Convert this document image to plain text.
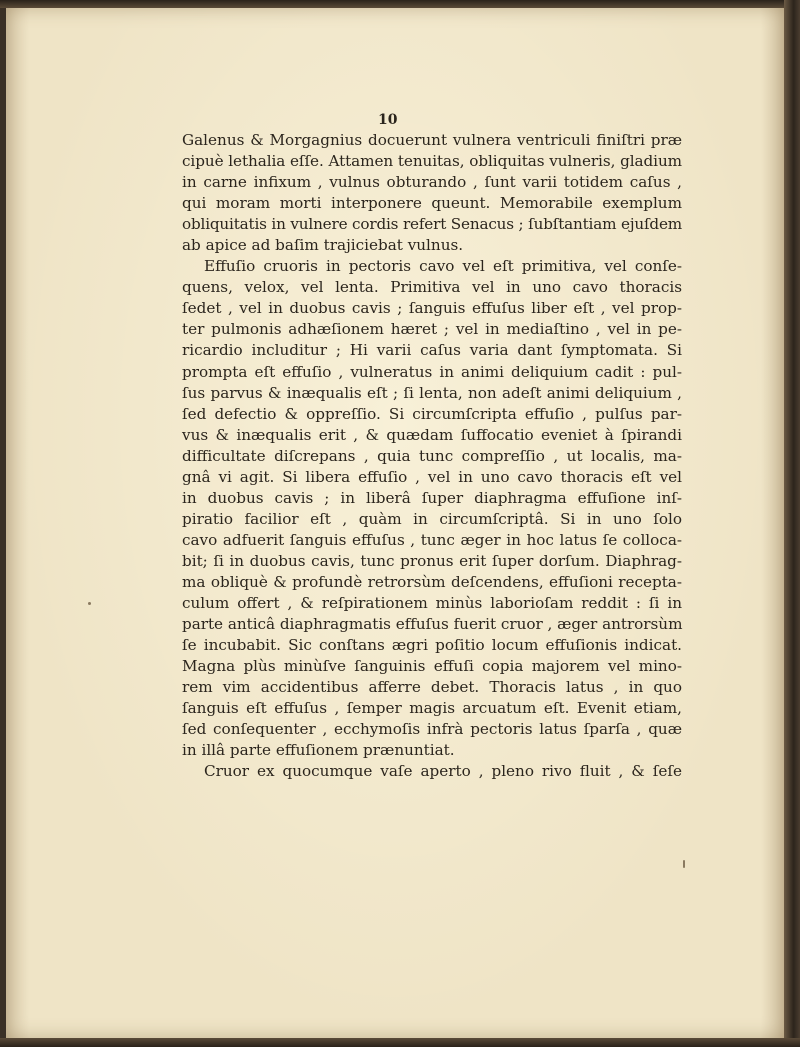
10
Galenus & Morgagnius docuerunt vulnera ventriculi finiſtri præ
cipuè lethalia eſſe. Attamen tenuitas, obliquitas vulneris, gladium
in carne infixum , vulnus obturando , ſunt varii totidem caſus ,
qui moram morti interponere queunt. Memorabile exemplum
obliquitatis in vulnere cordis refert Senacus ; ſubſtantiam ejuſdem
ab apice ad baſim trajiciebat vulnus.
Effuſio cruoris in pectoris cavo vel eſt primitiva, vel conſe-
quens, velox, vel lenta. Primitiva vel in uno cavo thoracis
ſedet , vel in duobus cavis ; ſanguis effuſus liber eſt , vel prop-
ter pulmonis adhæſionem hæret ; vel in mediaſtino , vel in pe-
ricardio includitur ; Hi varii caſus varia dant ſymptomata. Si
prompta eſt effuſio , vulneratus in animi deliquium cadit : pul-
ſus parvus & inæqualis eſt ; ſi lenta, non adeſt animi deliquium ,
ſed defectio & oppreſſio. Si circumſcripta effuſio , pulſus par-
vus & inæqualis erit , & quædam ſuffocatio eveniet à ſpirandi
difficultate diſcrepans , quia tunc compreſſio , ut localis, ma-
gnâ vi agit. Si libera effuſio , vel in uno cavo thoracis eſt vel
in duobus cavis ; in liberâ ſuper diaphragma effuſione inſ-
piratio facilior eſt , quàm in circumſcriptâ. Si in uno ſolo
cavo adfuerit ſanguis effuſus , tunc æger in hoc latus ſe colloca-
bit; ſi in duobus cavis, tunc pronus erit ſuper dorſum. Diaphrag-
ma obliquè & profundè retrorsùm deſcendens, effuſioni recepta-
culum offert , & reſpirationem minùs laborioſam reddit : ſi in
parte anticâ diaphragmatis effuſus fuerit cruor , æger antrorsùm
ſe incubabit. Sic conſtans ægri poſitio locum effuſionis indicat.
Magna plùs minùſve ſanguinis effuſi copia majorem vel mino-
rem vim accidentibus afferre debet. Thoracis latus , in quo
ſanguis eſt effuſus , ſemper magis arcuatum eſt. Evenit etiam,
ſed conſequenter , ecchymoſis infrà pectoris latus ſparſa , quæ
in illâ parte effuſionem prænuntiat.
Cruor ex quocumque vaſe aperto , pleno rivo fluit , & ſeſe
